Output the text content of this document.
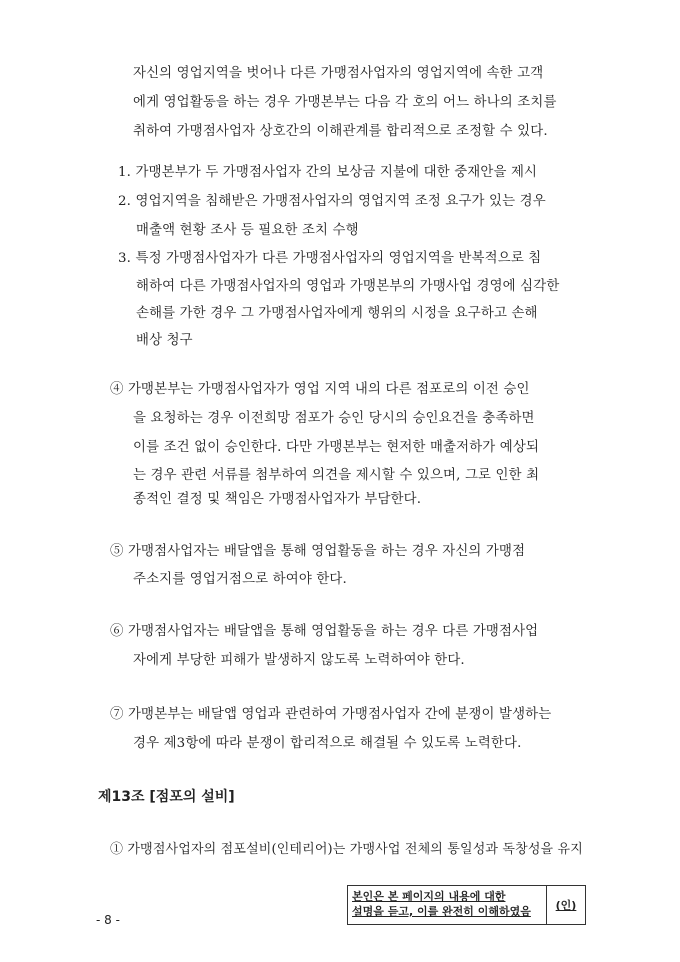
자신의 영업지역을 벗어나 다른 가맹점사업자의 영업지역에 속한 고객
에게 영업활동을 하는 경우 가맹본부는 다음 각 호의 어느 하나의 조치를
취하여 가맹점사업자 상호간의 이해관계를 합리적으로 조정할 수 있다.
1. 가맹본부가 두 가맹점사업자 간의 보상금 지불에 대한 중재안을 제시
2. 영업지역을 침해받은 가맹점사업자의 영업지역 조정 요구가 있는 경우
매출액 현황 조사 등 필요한 조치 수행
3. 특정 가맹점사업자가 다른 가맹점사업자의 영업지역을 반복적으로 침
해하여 다른 가맹점사업자의 영업과 가맹본부의 가맹사업 경영에 심각한
손해를 가한 경우 그 가맹점사업자에게 행위의 시정을 요구하고 손해
배상 청구
④ 가맹본부는 가맹점사업자가 영업 지역 내의 다른 점포로의 이전 승인
을 요청하는 경우 이전희망 점포가 승인 당시의 승인요건을 충족하면
이를 조건 없이 승인한다. 다만 가맹본부는 현저한 매출저하가 예상되
는 경우 관련 서류를 첨부하여 의견을 제시할 수 있으며, 그로 인한 최
종적인 결정 및 책임은 가맹점사업자가 부담한다.
⑤ 가맹점사업자는 배달앱을 통해 영업활동을 하는 경우 자신의 가맹점
주소지를 영업거점으로 하여야 한다.
⑥ 가맹점사업자는 배달앱을 통해 영업활동을 하는 경우 다른 가맹점사업
자에게 부당한 피해가 발생하지 않도록 노력하여야 한다.
⑦ 가맹본부는 배달앱 영업과 관련하여 가맹점사업자 간에 분쟁이 발생하는
경우 제3항에 따라 분쟁이 합리적으로 해결될 수 있도록 노력한다.
제13조 [점포의 설비]
① 가맹점사업자의 점포설비(인테리어)는 가맹사업 전체의 통일성과 독창성을 유지
- 8 -
본인은 본 페이지의 내용에 대한
설명을 듣고, 이를 완전히 이해하였음	(인)
